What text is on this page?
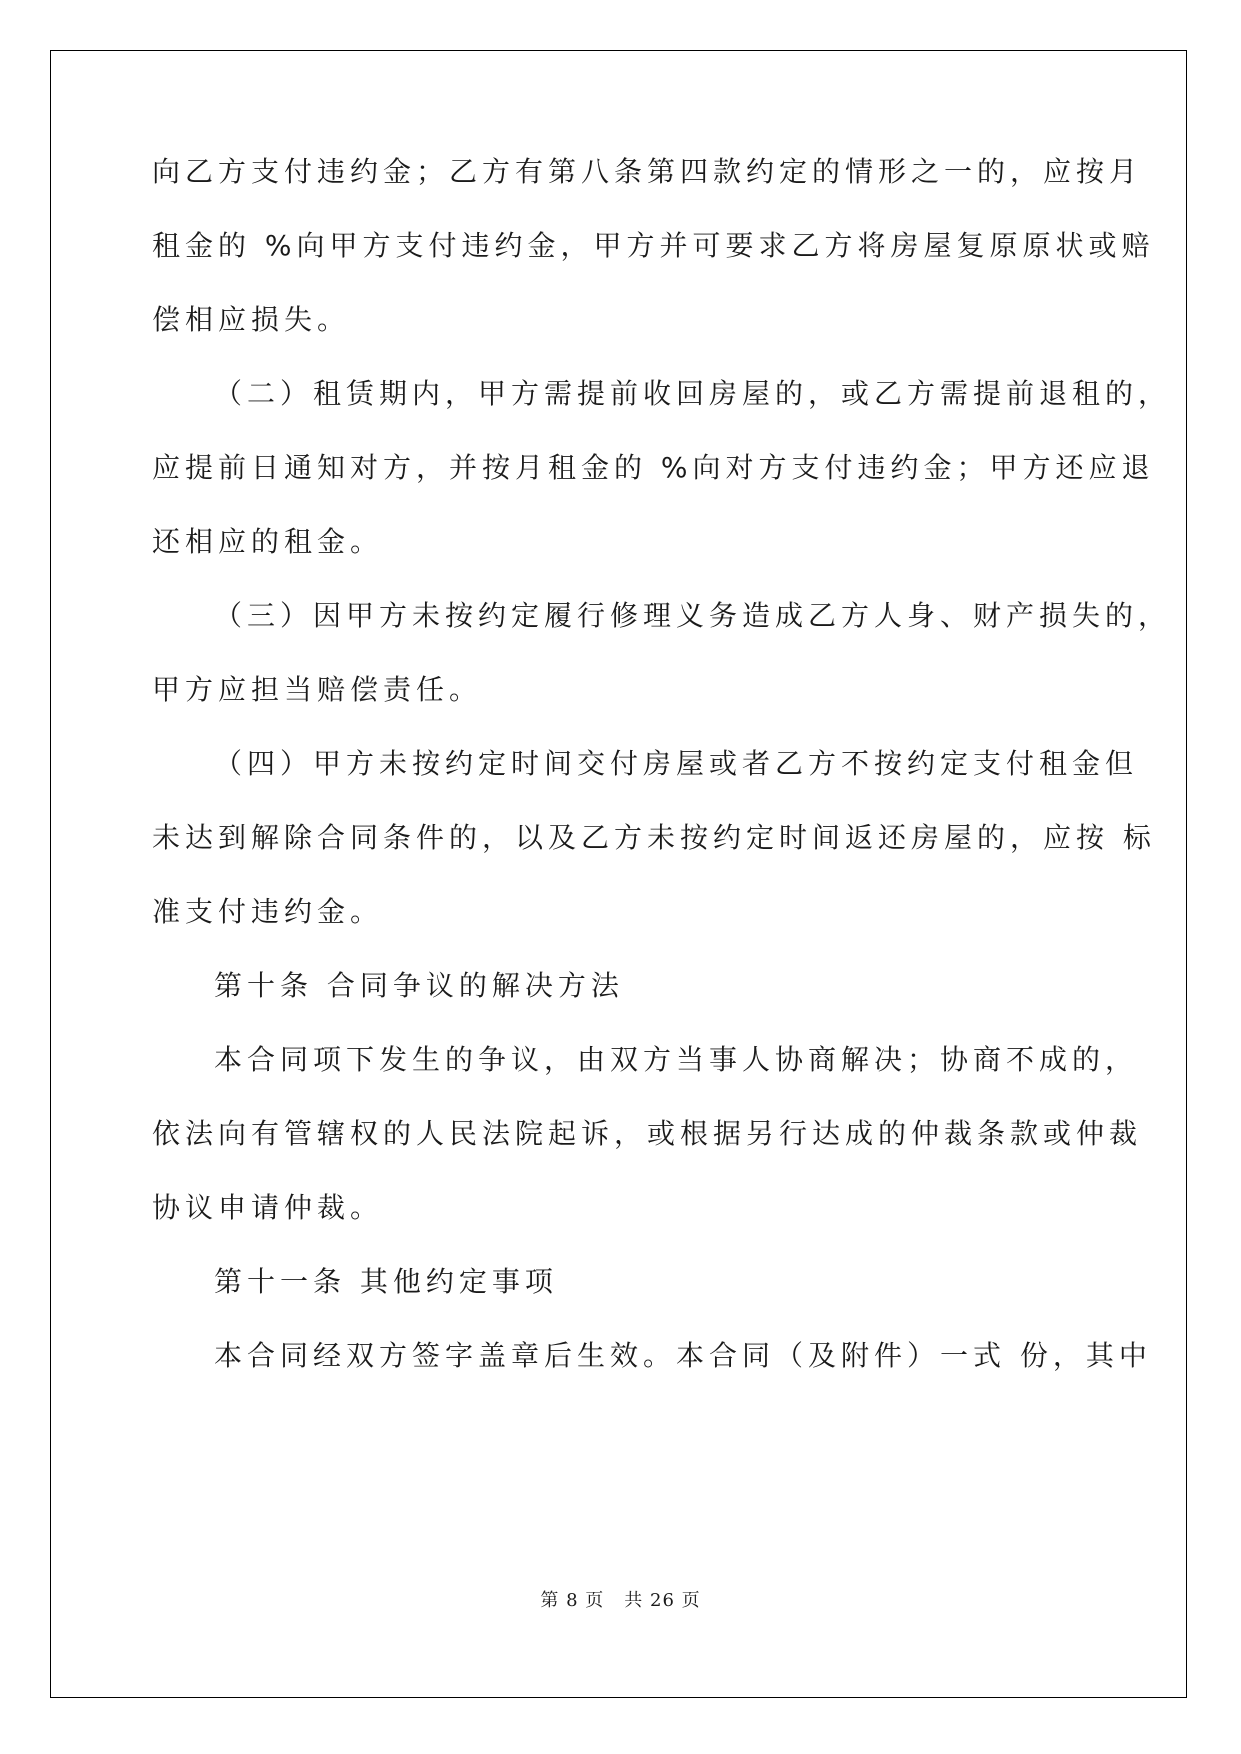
向乙方支付违约金；乙方有第八条第四款约定的情形之一的，应按月
租金的 %向甲方支付违约金，甲方并可要求乙方将房屋复原原状或赔
偿相应损失。
（二）租赁期内，甲方需提前收回房屋的，或乙方需提前退租的，
应提前日通知对方，并按月租金的 %向对方支付违约金；甲方还应退
还相应的租金。
（三）因甲方未按约定履行修理义务造成乙方人身、财产损失的，
甲方应担当赔偿责任。
（四）甲方未按约定时间交付房屋或者乙方不按约定支付租金但
未达到解除合同条件的，以及乙方未按约定时间返还房屋的，应按 标
准支付违约金。
第十条 合同争议的解决方法
本合同项下发生的争议，由双方当事人协商解决；协商不成的，
依法向有管辖权的人民法院起诉，或根据另行达成的仲裁条款或仲裁
协议申请仲裁。
第十一条 其他约定事项
本合同经双方签字盖章后生效。本合同（及附件）一式 份，其中
第 8 页 共 26 页
